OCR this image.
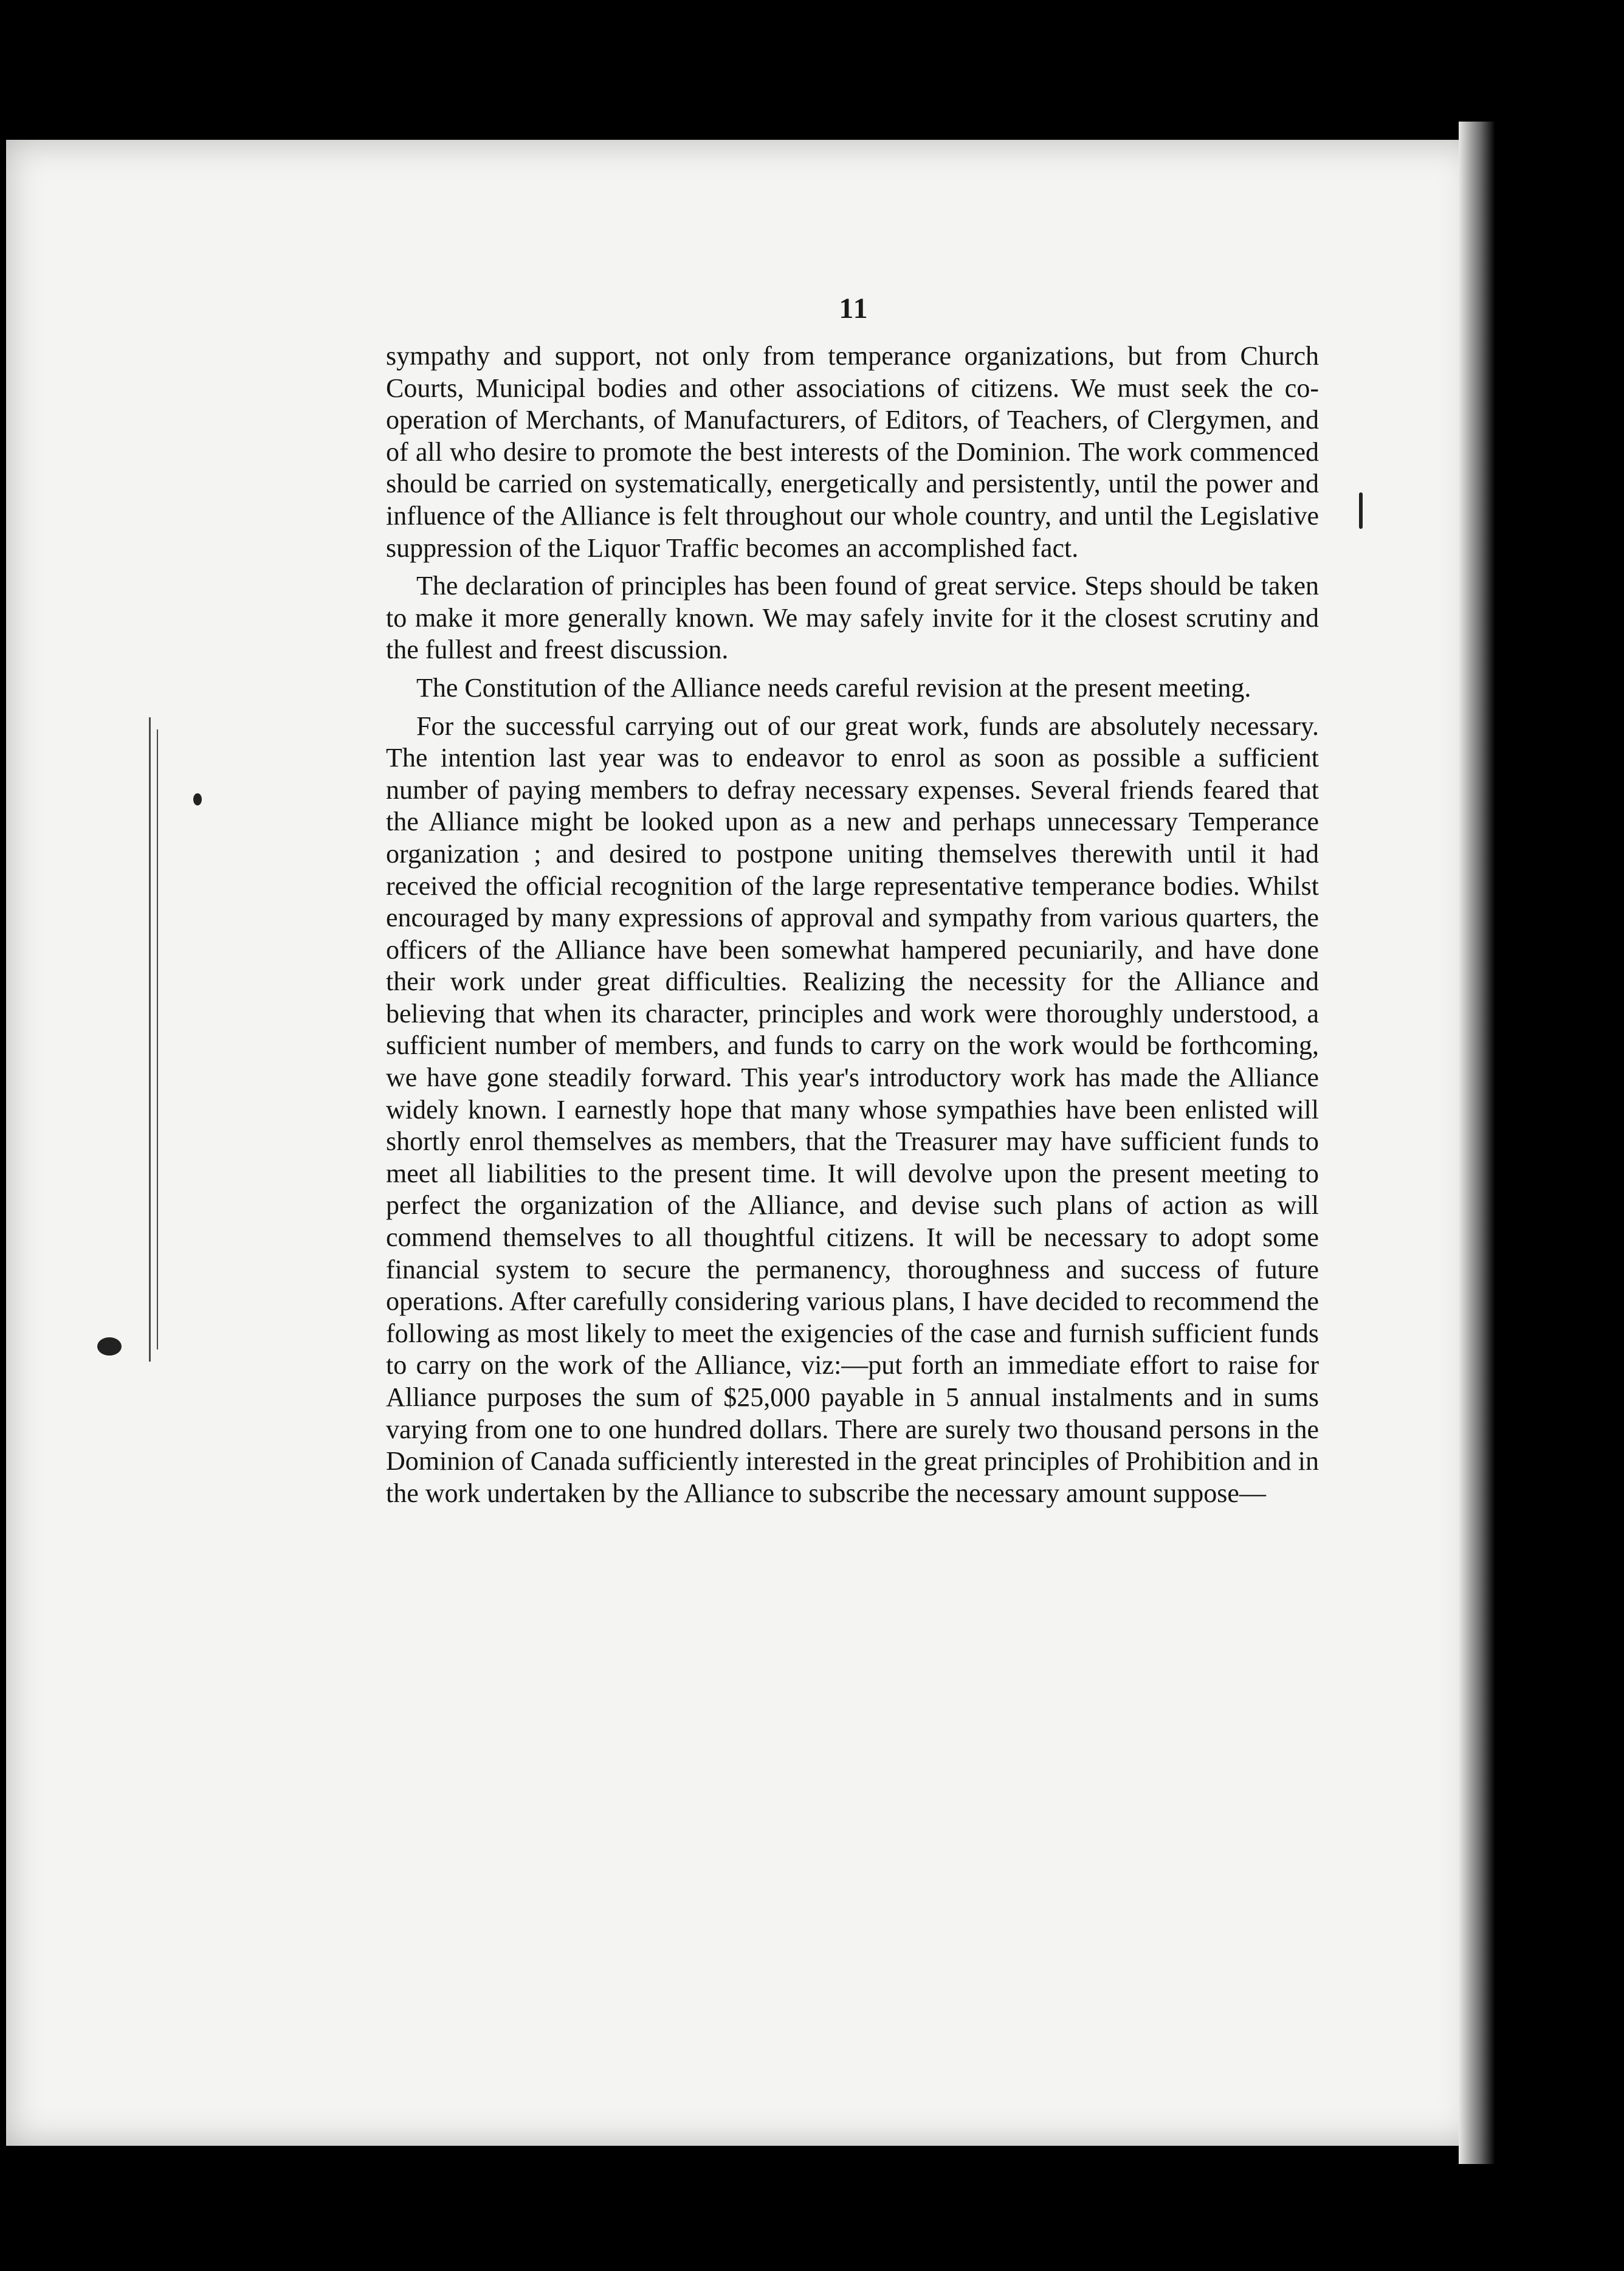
11

sympathy and support, not only from temperance organizations, but from Church Courts, Municipal bodies and other associations of citizens. We must seek the co-operation of Merchants, of Manufacturers, of Editors, of Teachers, of Clergymen, and of all who desire to promote the best interests of the Dominion. The work commenced should be carried on systematically, energetically and persistently, until the power and influence of the Alliance is felt throughout our whole country, and until the Legislative suppression of the Liquor Traffic becomes an accomplished fact.

The declaration of principles has been found of great service. Steps should be taken to make it more generally known. We may safely invite for it the closest scrutiny and the fullest and freest discussion.

The Constitution of the Alliance needs careful revision at the present meeting.

For the successful carrying out of our great work, funds are absolutely necessary. The intention last year was to endeavor to enrol as soon as possible a sufficient number of paying members to defray necessary expenses. Several friends feared that the Alliance might be looked upon as a new and perhaps unnecessary Temperance organization ; and desired to postpone uniting themselves therewith until it had received the official recognition of the large representative temperance bodies. Whilst encouraged by many expressions of approval and sympathy from various quarters, the officers of the Alliance have been somewhat hampered pecuniarily, and have done their work under great difficulties. Realizing the necessity for the Alliance and believing that when its character, principles and work were thoroughly understood, a sufficient number of members, and funds to carry on the work would be forthcoming, we have gone steadily forward. This year's introductory work has made the Alliance widely known. I earnestly hope that many whose sympathies have been enlisted will shortly enrol themselves as members, that the Treasurer may have sufficient funds to meet all liabilities to the present time. It will devolve upon the present meeting to perfect the organization of the Alliance, and devise such plans of action as will commend themselves to all thoughtful citizens. It will be necessary to adopt some financial system to secure the permanency, thoroughness and success of future operations. After carefully considering various plans, I have decided to recommend the following as most likely to meet the exigencies of the case and furnish sufficient funds to carry on the work of the Alliance, viz:—put forth an immediate effort to raise for Alliance purposes the sum of $25,000 payable in 5 annual instalments and in sums varying from one to one hundred dollars. There are surely two thousand persons in the Dominion of Canada sufficiently interested in the great principles of Prohibition and in the work undertaken by the Alliance to subscribe the necessary amount suppose—
